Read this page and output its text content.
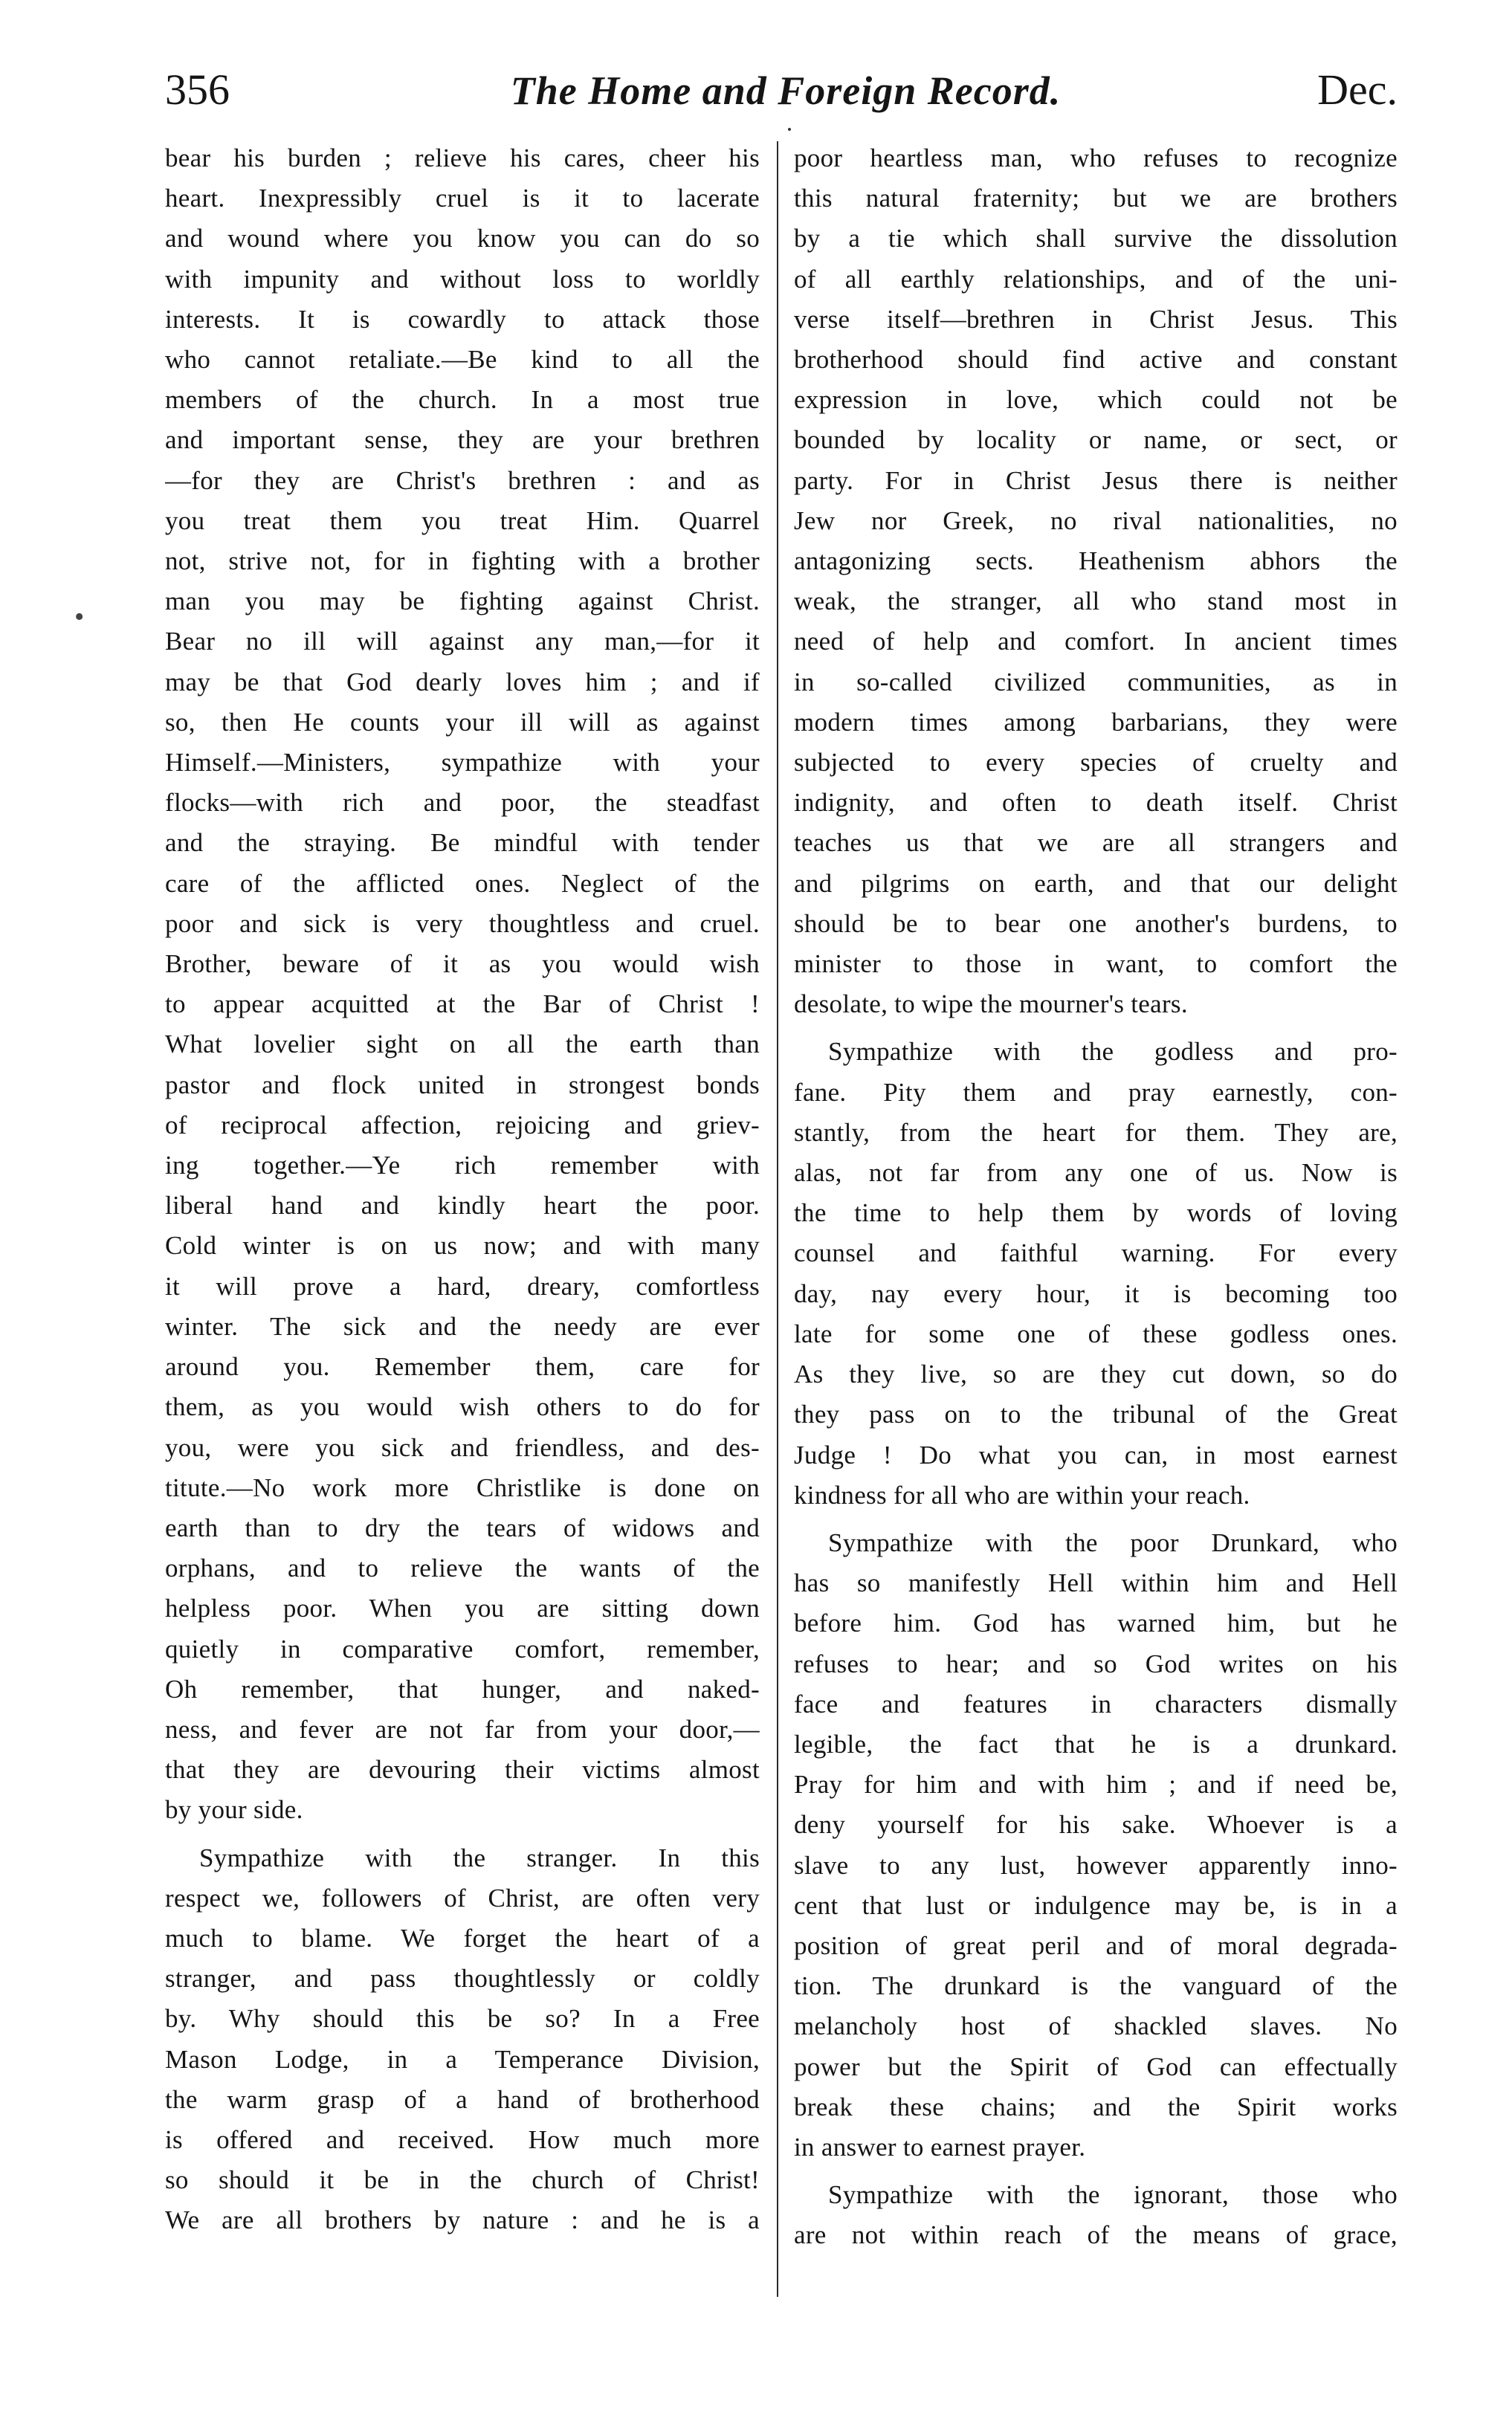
356	The Home and Foreign Record.	Dec.
•

bear his burden ; relieve his cares, cheer his
heart. Inexpressibly cruel is it to lacerate
and wound where you know you can do so
with impunity and without loss to worldly
interests. It is cowardly to attack those
who cannot retaliate.—Be kind to all the
members of the church. In a most true
and important sense, they are your brethren
—for they are Christ's brethren : and as
you treat them you treat Him. Quarrel
not, strive not, for in fighting with a brother
man you may be fighting against Christ.
Bear no ill will against any man,—for it
may be that God dearly loves him ; and if
so, then He counts your ill will as against
Himself.—Ministers, sympathize with your
flocks—with rich and poor, the steadfast
and the straying. Be mindful with tender
care of the afflicted ones. Neglect of the
poor and sick is very thoughtless and cruel.
Brother, beware of it as you would wish
to appear acquitted at the Bar of Christ !
What lovelier sight on all the earth than
pastor and flock united in strongest bonds
of reciprocal affection, rejoicing and griev-
ing together.—Ye rich remember with
liberal hand and kindly heart the poor.
Cold winter is on us now; and with many
it will prove a hard, dreary, comfortless
winter. The sick and the needy are ever
around you. Remember them, care for
them, as you would wish others to do for
you, were you sick and friendless, and des-
titute.—No work more Christlike is done on
earth than to dry the tears of widows and
orphans, and to relieve the wants of the
helpless poor. When you are sitting down
quietly in comparative comfort, remember,
Oh remember, that hunger, and naked-
ness, and fever are not far from your door,—
that they are devouring their victims almost
by your side.

Sympathize with the stranger. In this
respect we, followers of Christ, are often very
much to blame. We forget the heart of a
stranger, and pass thoughtlessly or coldly
by. Why should this be so? In a Free
Mason Lodge, in a Temperance Division,
the warm grasp of a hand of brotherhood
is offered and received. How much more
so should it be in the church of Christ!
We are all brothers by nature : and he is a

poor heartless man, who refuses to recognize
this natural fraternity; but we are brothers
by a tie which shall survive the dissolution
of all earthly relationships, and of the uni-
verse itself—brethren in Christ Jesus. This
brotherhood should find active and constant
expression in love, which could not be
bounded by locality or name, or sect, or
party. For in Christ Jesus there is neither
Jew nor Greek, no rival nationalities, no
antagonizing sects. Heathenism abhors the
weak, the stranger, all who stand most in
need of help and comfort. In ancient times
in so-called civilized communities, as in
modern times among barbarians, they were
subjected to every species of cruelty and
indignity, and often to death itself. Christ
teaches us that we are all strangers and
and pilgrims on earth, and that our delight
should be to bear one another's burdens, to
minister to those in want, to comfort the
desolate, to wipe the mourner's tears.

Sympathize with the godless and pro-
fane. Pity them and pray earnestly, con-
stantly, from the heart for them. They are,
alas, not far from any one of us. Now is
the time to help them by words of loving
counsel and faithful warning. For every
day, nay every hour, it is becoming too
late for some one of these godless ones.
As they live, so are they cut down, so do
they pass on to the tribunal of the Great
Judge ! Do what you can, in most earnest
kindness for all who are within your reach.

Sympathize with the poor Drunkard, who
has so manifestly Hell within him and Hell
before him. God has warned him, but he
refuses to hear; and so God writes on his
face and features in characters dismally
legible, the fact that he is a drunkard.
Pray for him and with him ; and if need be,
deny yourself for his sake. Whoever is a
slave to any lust, however apparently inno-
cent that lust or indulgence may be, is in a
position of great peril and of moral degrada-
tion. The drunkard is the vanguard of the
melancholy host of shackled slaves. No
power but the Spirit of God can effectually
break these chains; and the Spirit works
in answer to earnest prayer.

Sympathize with the ignorant, those who
are not within reach of the means of grace,
